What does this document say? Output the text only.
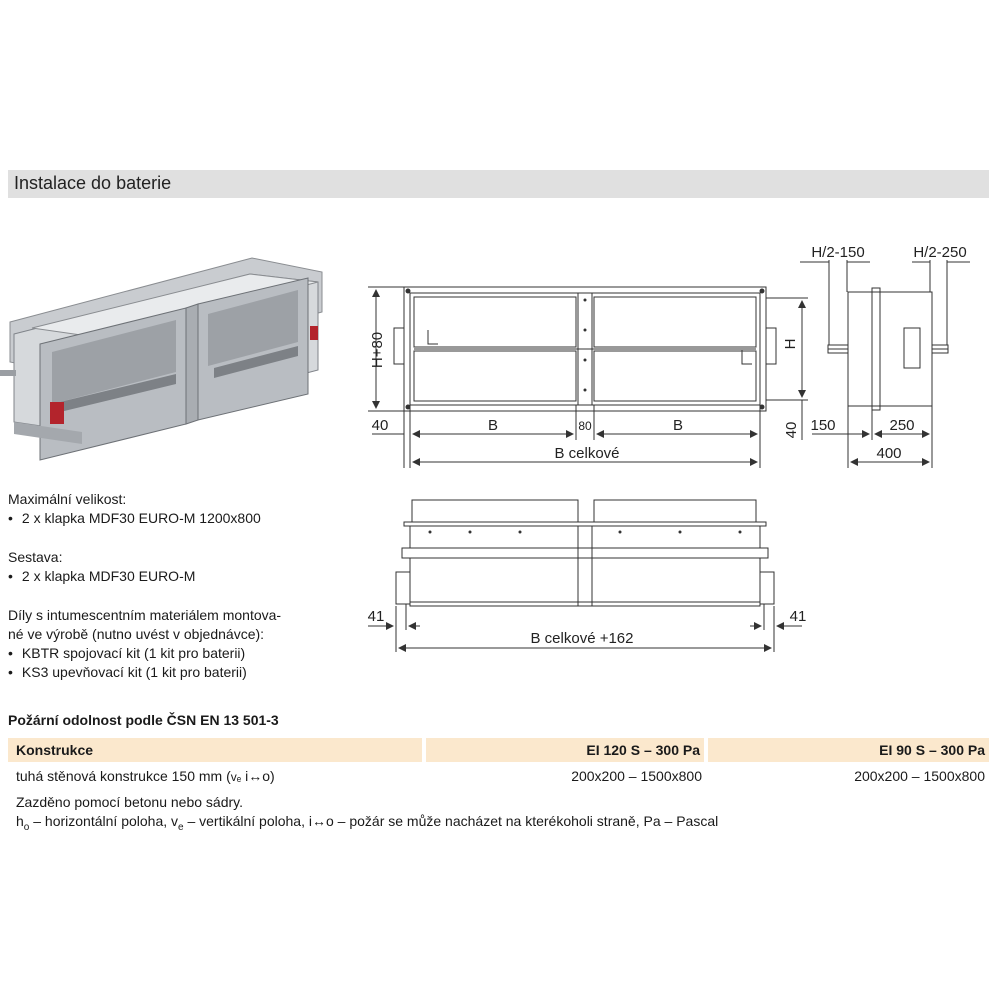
Instalace do baterie
H+80	H
40	B	80	B
B celkové
40
H/2-150	H/2-250
150	250
400
41	41
B celkové +162
Maximální velikost:
• 2 x klapka MDF30 EURO-M 1200x800
Sestava:
• 2 x klapka MDF30 EURO-M
Díly s intumescentním materiálem montova-
né ve výrobě (nutno uvést v objednávce):
• KBTR spojovací kit (1 kit pro baterii)
• KS3 upevňovací kit (1 kit pro baterii)
Požární odolnost podle ČSN EN 13 501-3
Konstrukce	EI 120 S – 300 Pa	EI 90 S – 300 Pa
tuhá stěnová konstrukce 150 mm (vₑ i↔o)	200x200 – 1500x800	200x200 – 1500x800
Zazděno pomocí betonu nebo sádry.
$h_o$ – horizontální poloha, $v_e$ – vertikální poloha, i↔o – požár se může nacházet na kterékoholi straně, Pa – Pascal
